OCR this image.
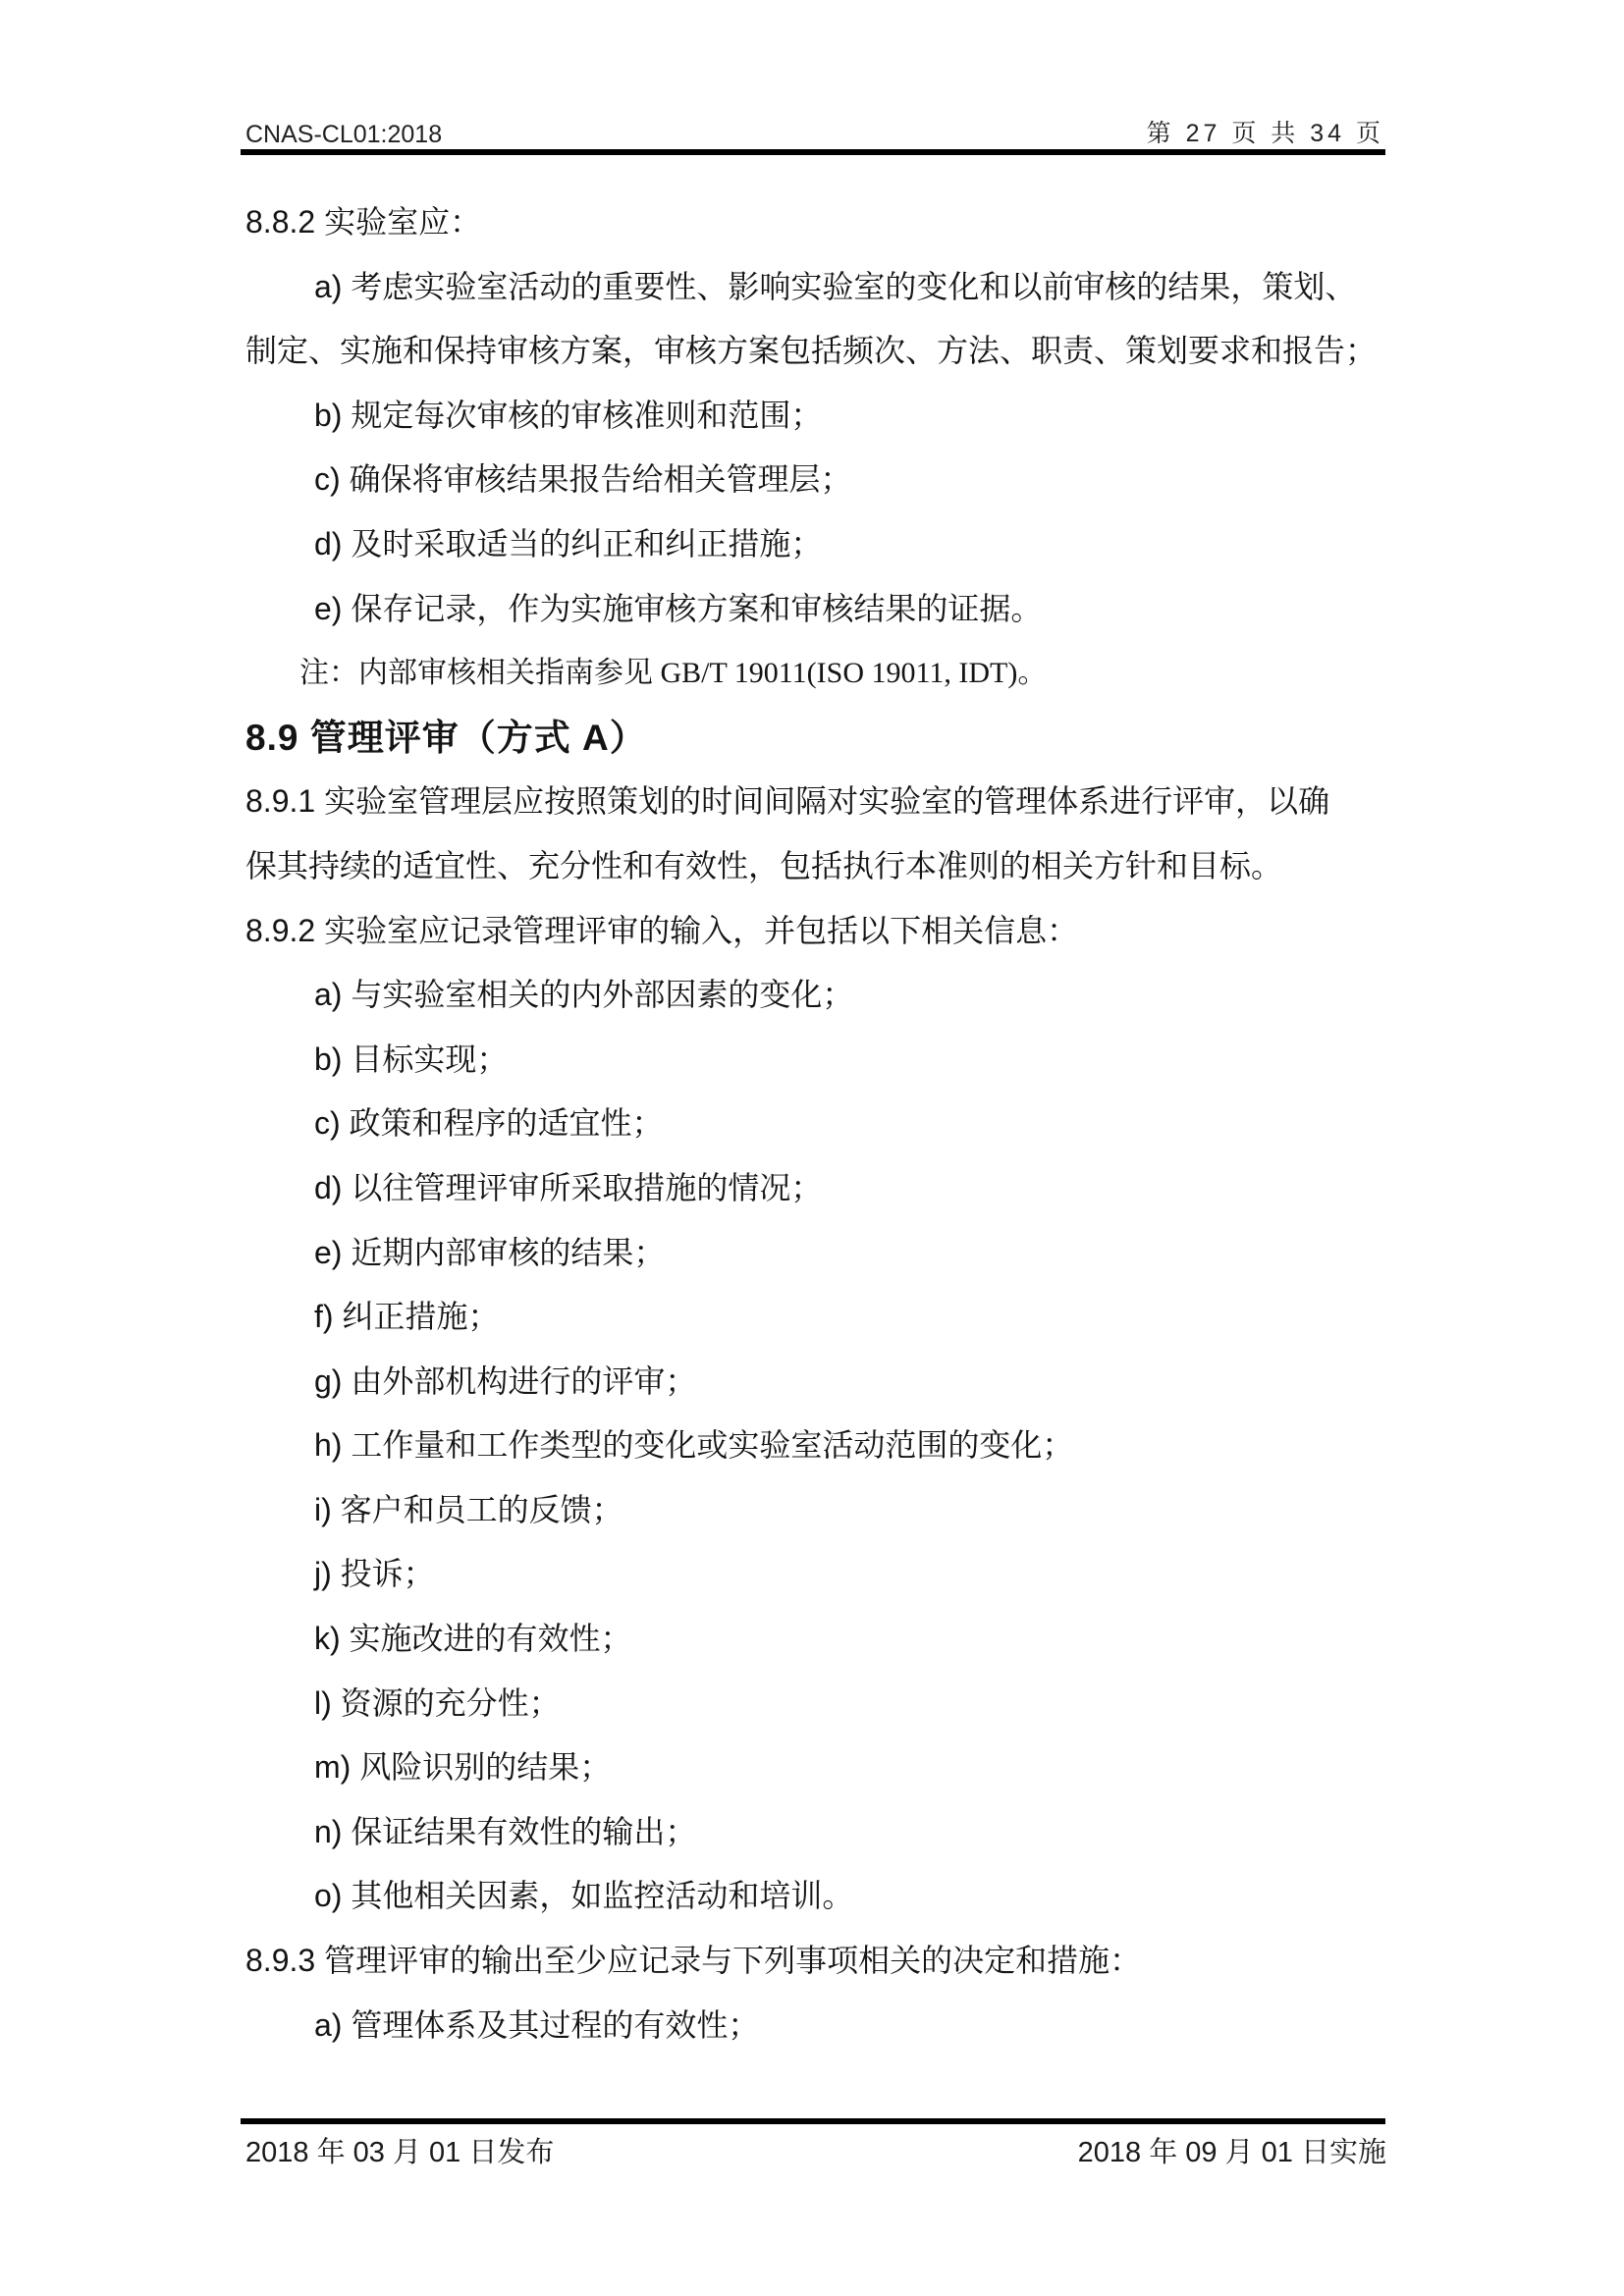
CNAS-CL01:2018	第 27 页 共 34 页
8.8.2 实验室应：
a) 考虑实验室活动的重要性、影响实验室的变化和以前审核的结果，策划、
制定、实施和保持审核方案，审核方案包括频次、方法、职责、策划要求和报告；
b) 规定每次审核的审核准则和范围；
c) 确保将审核结果报告给相关管理层；
d) 及时采取适当的纠正和纠正措施；
e) 保存记录，作为实施审核方案和审核结果的证据。
注：内部审核相关指南参见 GB/T 19011(ISO 19011, IDT)。
8.9 管理评审（方式 A）
8.9.1 实验室管理层应按照策划的时间间隔对实验室的管理体系进行评审，以确
保其持续的适宜性、充分性和有效性，包括执行本准则的相关方针和目标。
8.9.2 实验室应记录管理评审的输入，并包括以下相关信息：
a) 与实验室相关的内外部因素的变化；
b) 目标实现；
c) 政策和程序的适宜性；
d) 以往管理评审所采取措施的情况；
e) 近期内部审核的结果；
f) 纠正措施；
g) 由外部机构进行的评审；
h) 工作量和工作类型的变化或实验室活动范围的变化；
i) 客户和员工的反馈；
j) 投诉；
k) 实施改进的有效性；
l) 资源的充分性；
m) 风险识别的结果；
n) 保证结果有效性的输出；
o) 其他相关因素，如监控活动和培训。
8.9.3 管理评审的输出至少应记录与下列事项相关的决定和措施：
a) 管理体系及其过程的有效性；
2018 年 03 月 01 日发布	2018 年 09 月 01 日实施
